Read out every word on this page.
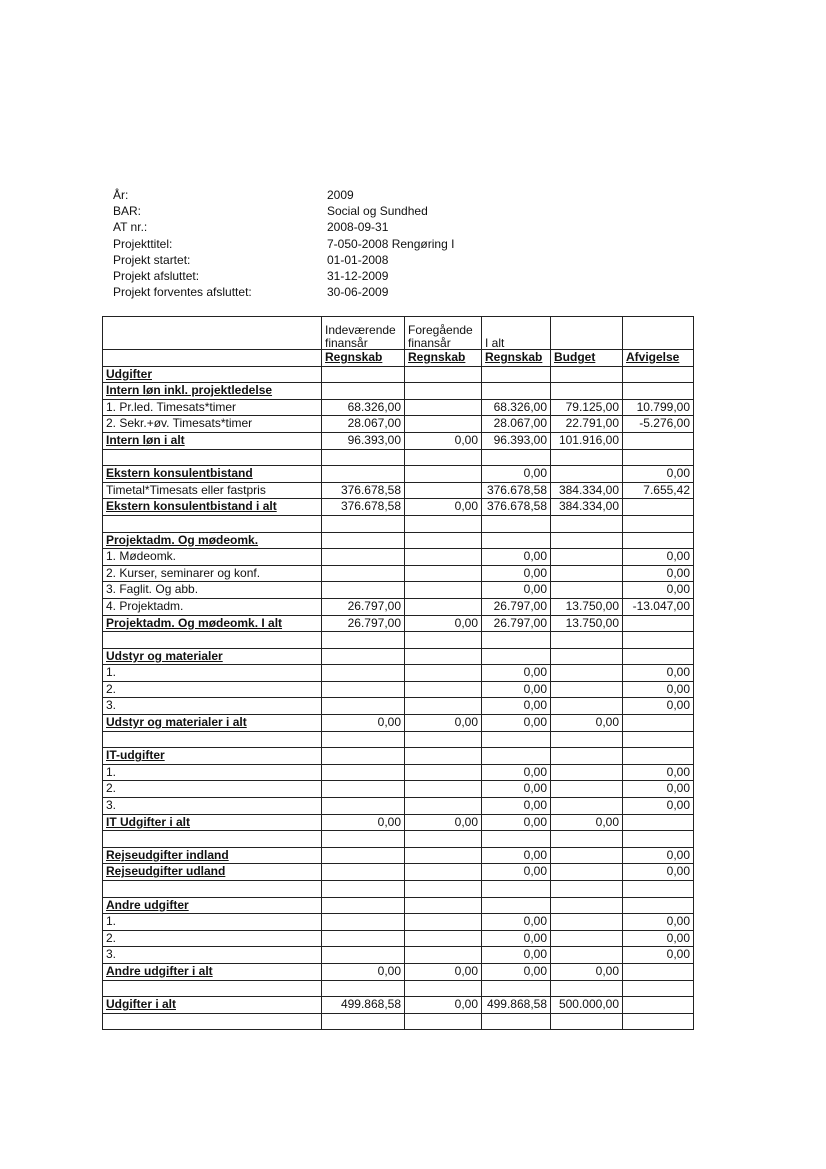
År:	2009
BAR:	Social og Sundhed
AT nr.:	2008-09-31
Projekttitel:	7-050-2008 Rengøring I
Projekt startet:	01-01-2008
Projekt afsluttet:	31-12-2009
Projekt forventes afsluttet:	30-06-2009
	Indeværende finansår	Foregående finansår	I alt		
	Regnskab	Regnskab	Regnskab	Budget	Afvigelse
Udgifter					
Intern løn inkl. projektledelse					
1. Pr.led. Timesats*timer	68.326,00		68.326,00	79.125,00	10.799,00
2. Sekr.+øv. Timesats*timer	28.067,00		28.067,00	22.791,00	-5.276,00
Intern løn i alt	96.393,00	0,00	96.393,00	101.916,00	

Ekstern konsulentbistand			0,00		0,00
Timetal*Timesats eller fastpris	376.678,58		376.678,58	384.334,00	7.655,42
Ekstern konsulentbistand i alt	376.678,58	0,00	376.678,58	384.334,00	

Projektadm. Og mødeomk.					
1. Mødeomk.			0,00		0,00
2. Kurser, seminarer og konf.			0,00		0,00
3. Faglit. Og abb.			0,00		0,00
4. Projektadm.	26.797,00		26.797,00	13.750,00	-13.047,00
Projektadm. Og mødeomk. I alt	26.797,00	0,00	26.797,00	13.750,00	

Udstyr og materialer					
1.			0,00		0,00
2.			0,00		0,00
3.			0,00		0,00
Udstyr og materialer i alt	0,00	0,00	0,00	0,00	

IT-udgifter					
1.			0,00		0,00
2.			0,00		0,00
3.			0,00		0,00
IT Udgifter i alt	0,00	0,00	0,00	0,00	

Rejseudgifter indland			0,00		0,00
Rejseudgifter udland			0,00		0,00

Andre udgifter					
1.			0,00		0,00
2.			0,00		0,00
3.			0,00		0,00
Andre udgifter i alt	0,00	0,00	0,00	0,00	

Udgifter i alt	499.868,58	0,00	499.868,58	500.000,00	
